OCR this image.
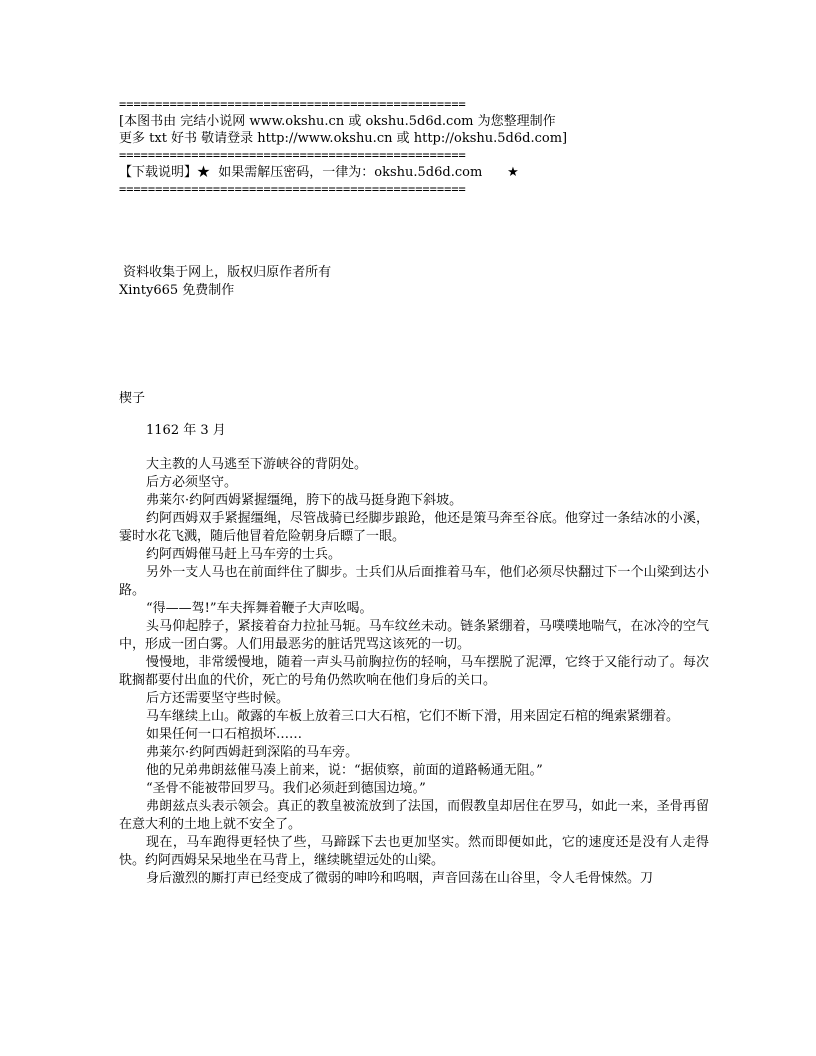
================================================
[本图书由 完结小说网 www.okshu.cn 或 okshu.5d6d.com 为您整理制作
更多 txt 好书 敬请登录 http://www.okshu.cn 或 http://okshu.5d6d.com]
================================================
【下载说明】★  如果需解压密码，一律为：okshu.5d6d.com      ★
================================================
资料收集于网上，版权归原作者所有
Xinty665 免费制作
楔子

1162 年 3 月

大主教的人马逃至下游峡谷的背阴处。

后方必须坚守。

弗莱尔·约阿西姆紧握缰绳，胯下的战马挺身跑下斜坡。

约阿西姆双手紧握缰绳，尽管战骑已经脚步踉跄，他还是策马奔至谷底。他穿过一条结冰的小溪，霎时水花飞溅，随后他冒着危险朝身后瞟了一眼。

约阿西姆催马赶上马车旁的士兵。

另外一支人马也在前面绊住了脚步。士兵们从后面推着马车，他们必须尽快翻过下一个山梁到达小路。

“得——驾!”车夫挥舞着鞭子大声吆喝。

头马仰起脖子，紧接着奋力拉扯马轭。马车纹丝未动。链条紧绷着，马噗噗地喘气，在冰冷的空气中，形成一团白雾。人们用最恶劣的脏话咒骂这该死的一切。

慢慢地，非常缓慢地，随着一声头马前胸拉伤的轻响，马车摆脱了泥潭，它终于又能行动了。每次耽搁都要付出血的代价，死亡的号角仍然吹响在他们身后的关口。

后方还需要坚守些时候。

马车继续上山。敞露的车板上放着三口大石棺，它们不断下滑，用来固定石棺的绳索紧绷着。

如果任何一口石棺损坏……

弗莱尔·约阿西姆赶到深陷的马车旁。

他的兄弟弗朗兹催马凑上前来，说：“据侦察，前面的道路畅通无阻。”

“圣骨不能被带回罗马。我们必须赶到德国边境。”

弗朗兹点头表示领会。真正的教皇被流放到了法国，而假教皇却居住在罗马，如此一来，圣骨再留在意大利的土地上就不安全了。

现在，马车跑得更轻快了些，马蹄踩下去也更加坚实。然而即便如此，它的速度还是没有人走得快。约阿西姆呆呆地坐在马背上，继续眺望远处的山梁。

身后激烈的厮打声已经变成了微弱的呻吟和呜咽，声音回荡在山谷里，令人毛骨悚然。刀
